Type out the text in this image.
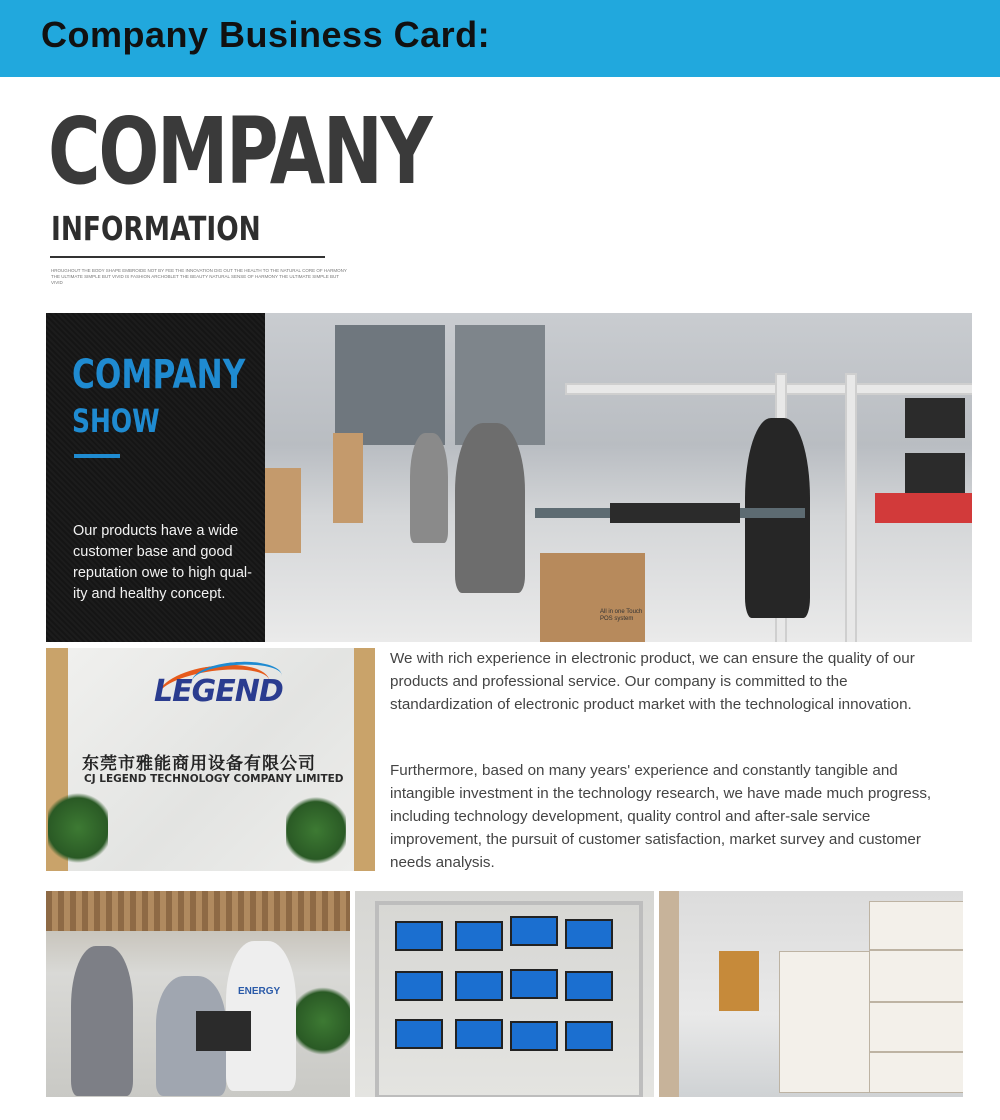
Company Business Card:
COMPANY
INFORMATION
HROUGHOUT THE BODY SHAPE EMBROIDE NOT BY FEE THE INNOVATION DIG OUT THE HEALTH TO THE NATURAL CORE OF HARMONY THE ULTIMATE SIMPLE BUT VIVID IS FASHION ARCHOBLET THE BEAUTY NATURAL SENSE OF HARMONY THE ULTIMATE SIMPLE BUT VIVID
COMPANY
SHOW
Our products have a wide customer base and good reputation owe to high qual-ity and healthy concept.
All in one Touch POS system
LEGEND
东莞市雅能商用设备有限公司
CJ LEGEND TECHNOLOGY COMPANY LIMITED
We with rich experience in electronic product, we can ensure the quality of our products and professional service. Our company is committed to the standardization of electronic product market with the technological innovation.
Furthermore, based on many years' experience and constantly tangible and intangible investment in the technology research, we have made much progress, including technology development, quality control and after-sale service improvement, the pursuit of customer satisfaction, market survey and customer needs analysis.
ENERGY
